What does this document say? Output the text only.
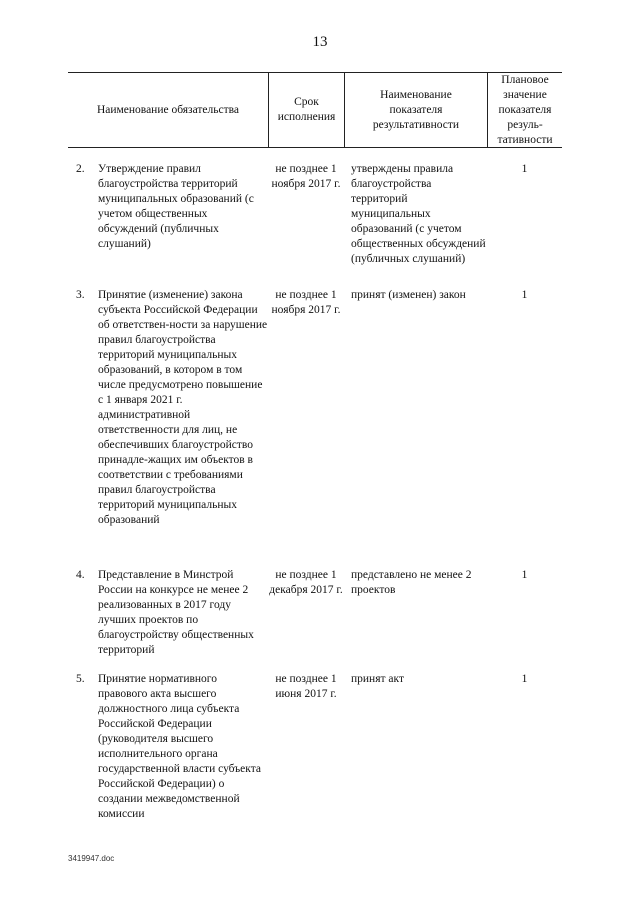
13
Наименование обязательства
Срок исполнения
Наименование показателя результативности
Плановое значение показателя резуль-тативности
2. Утверждение правил благоустройства территорий муниципальных образований (с учетом общественных обсуждений (публичных слушаний)
не позднее 1 ноября 2017 г.
утверждены правила благоустройства территорий муниципальных образований (с учетом общественных обсуждений (публичных слушаний)
1
3. Принятие (изменение) закона субъекта Российской Федерации об ответствен-ности за нарушение правил благоустройства территорий муниципальных образований, в котором в том числе предусмотрено повышение с 1 января 2021 г. административной ответственности для лиц, не обеспечивших благоустройство принадле-жащих им объектов в соответствии с требованиями правил благоустройства территорий муниципальных образований
не позднее 1 ноября 2017 г.
принят (изменен) закон	1
4. Представление в Минстрой России на конкурсе не менее 2 реализованных в 2017 году лучших проектов по благоустройству общественных территорий
не позднее 1 декабря 2017 г.
представлено не менее 2 проектов
1
5. Принятие нормативного правового акта высшего должностного лица субъекта Российской Федерации (руководителя высшего исполнительного органа государственной власти субъекта Российской Федерации) о создании межведомственной комиссии
не позднее 1 июня 2017 г.
принят акт	1
3419947.doc
